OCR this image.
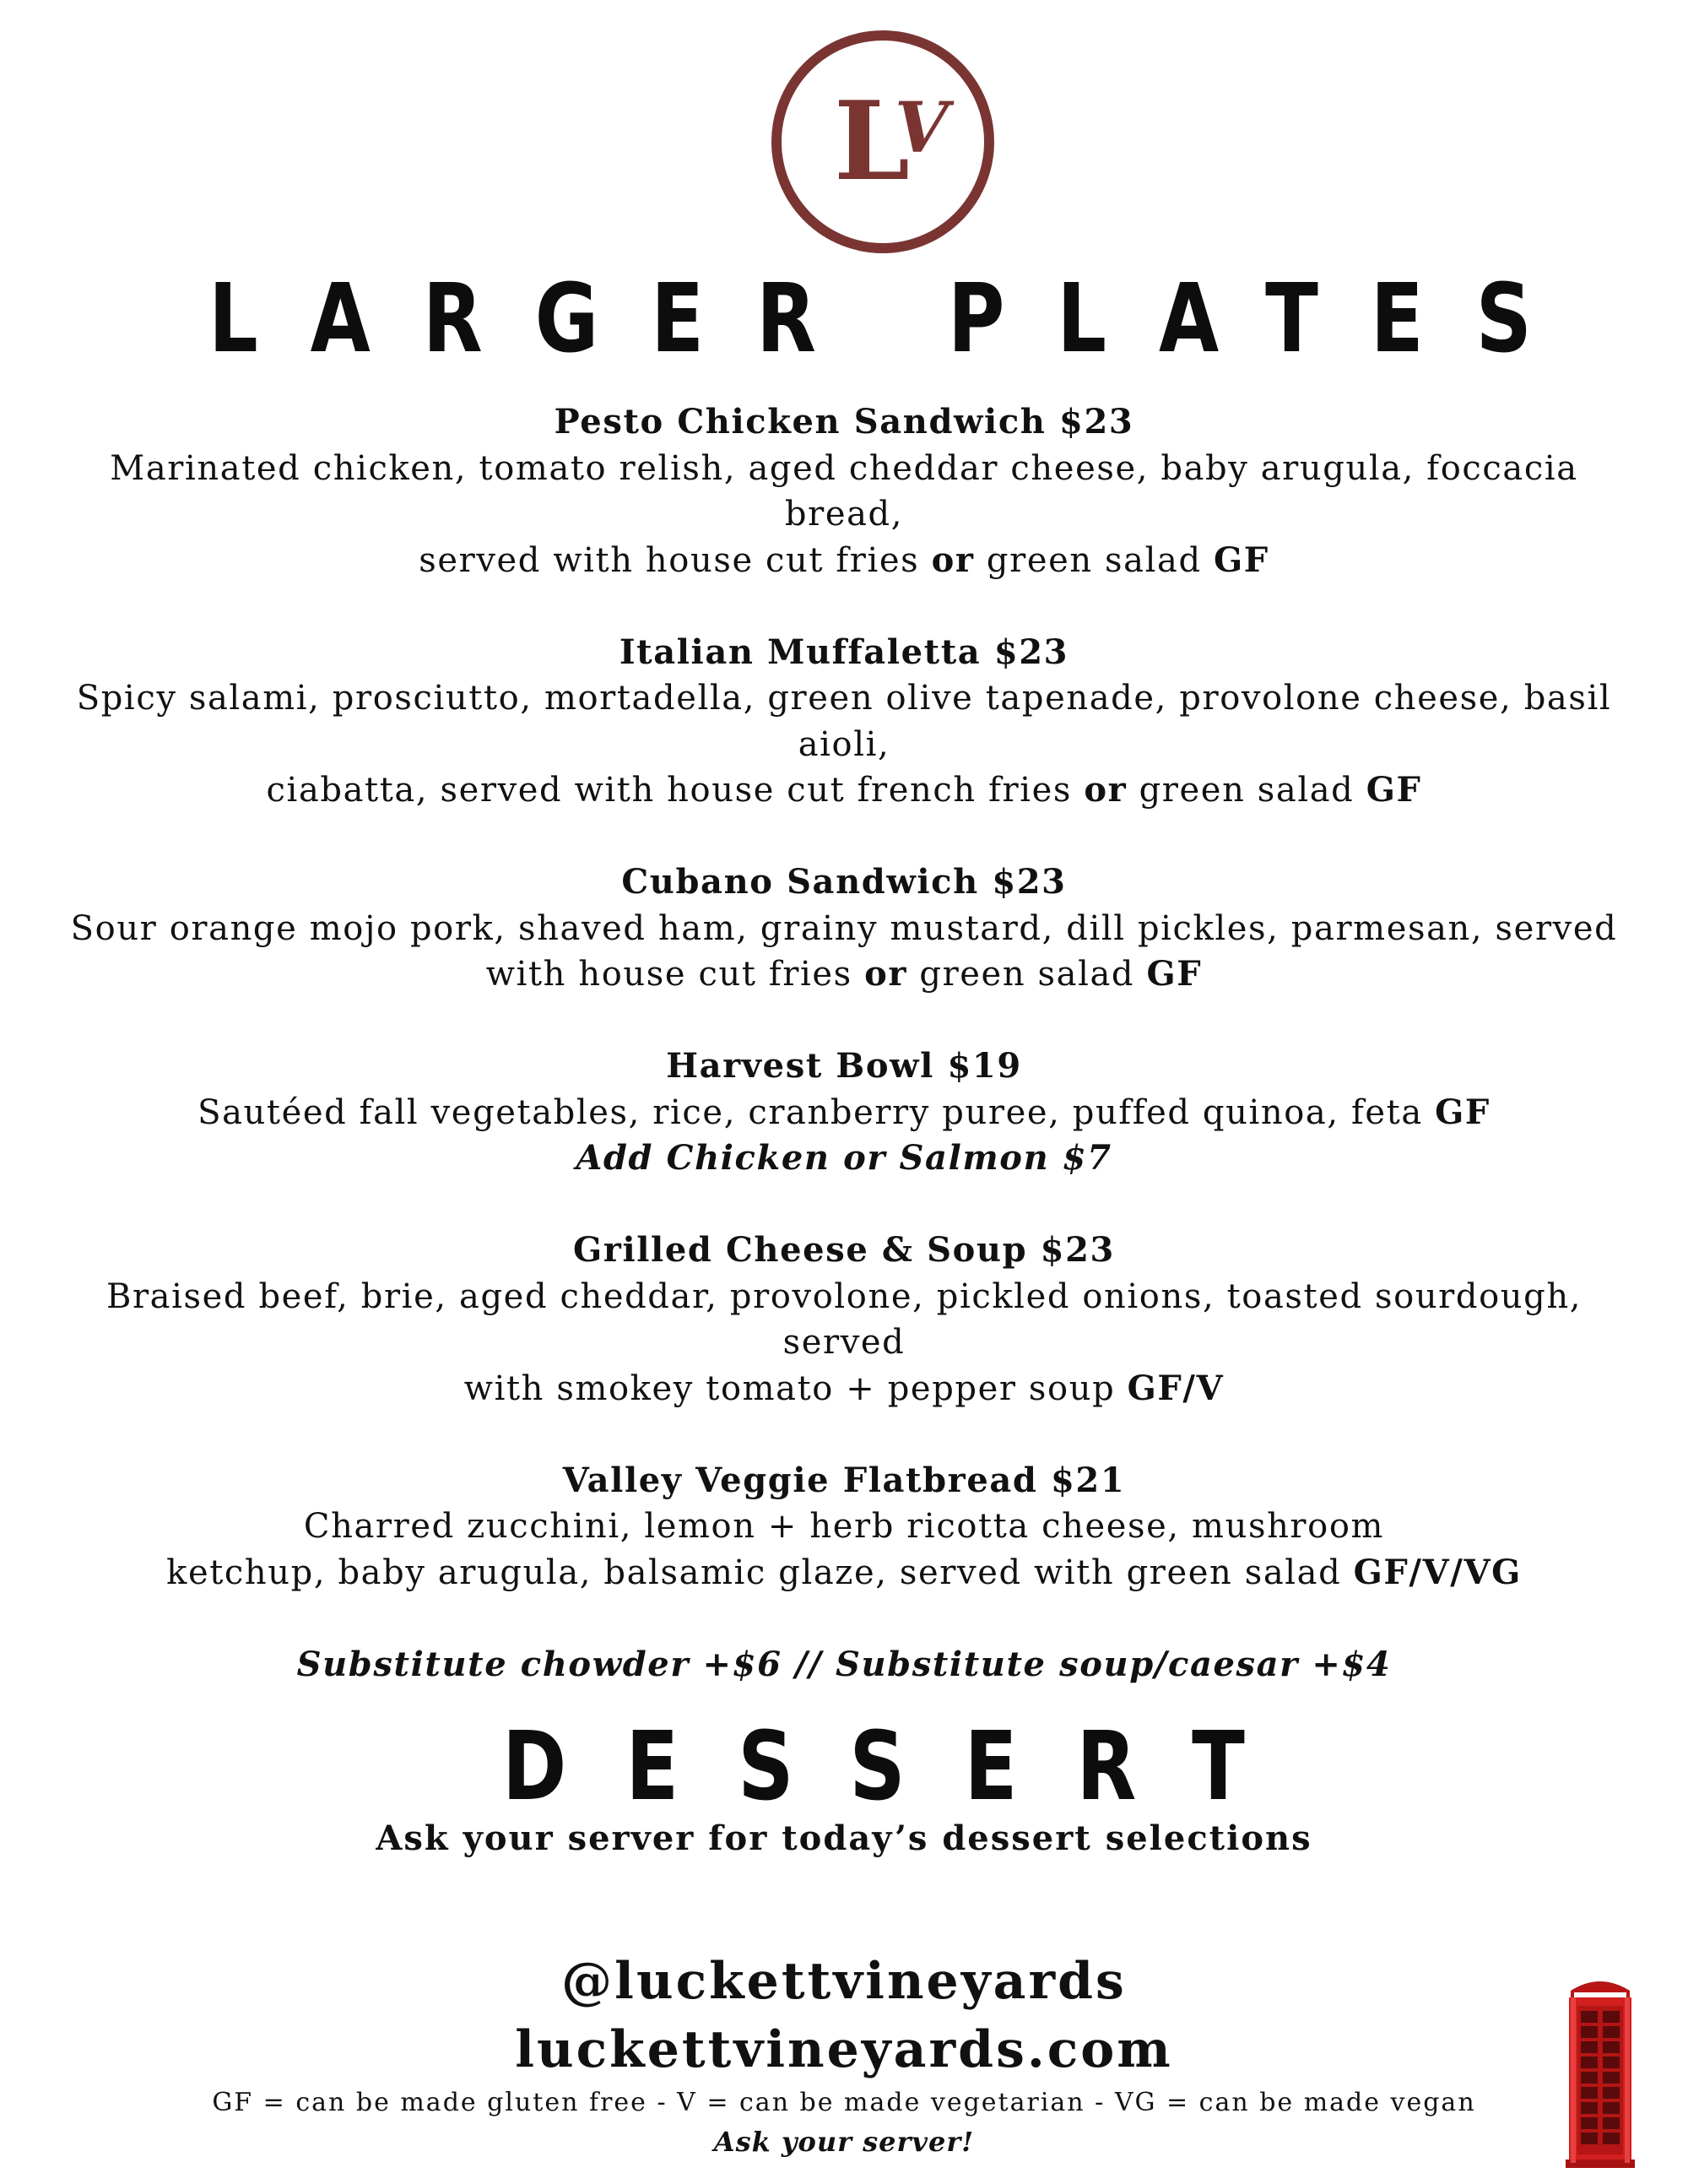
L
V
LARGER PLATES
Pesto Chicken Sandwich $23
Marinated chicken, tomato relish, aged cheddar cheese, baby arugula, foccacia
bread,
served with house cut fries or green salad GF
Italian Muffaletta $23
Spicy salami, prosciutto, mortadella, green olive tapenade, provolone cheese, basil
aioli,
ciabatta, served with house cut french fries or green salad GF
Cubano Sandwich $23
Sour orange mojo pork, shaved ham, grainy mustard, dill pickles, parmesan, served
with house cut fries or green salad GF
Harvest Bowl $19
Sautéed fall vegetables, rice, cranberry puree, puffed quinoa, feta GF
Add Chicken or Salmon $7
Grilled Cheese & Soup $23
Braised beef, brie, aged cheddar, provolone, pickled onions, toasted sourdough,
served
with smokey tomato + pepper soup GF/V
Valley Veggie Flatbread $21
Charred zucchini, lemon + herb ricotta cheese, mushroom
ketchup, baby arugula, balsamic glaze, served with green salad GF/V/VG
Substitute chowder +$6 // Substitute soup/caesar +$4
DESSERT
Ask your server for today’s dessert selections
@luckettvineyards
luckettvineyards.com
GF = can be made gluten free - V = can be made vegetarian - VG = can be made vegan
Ask your server!
